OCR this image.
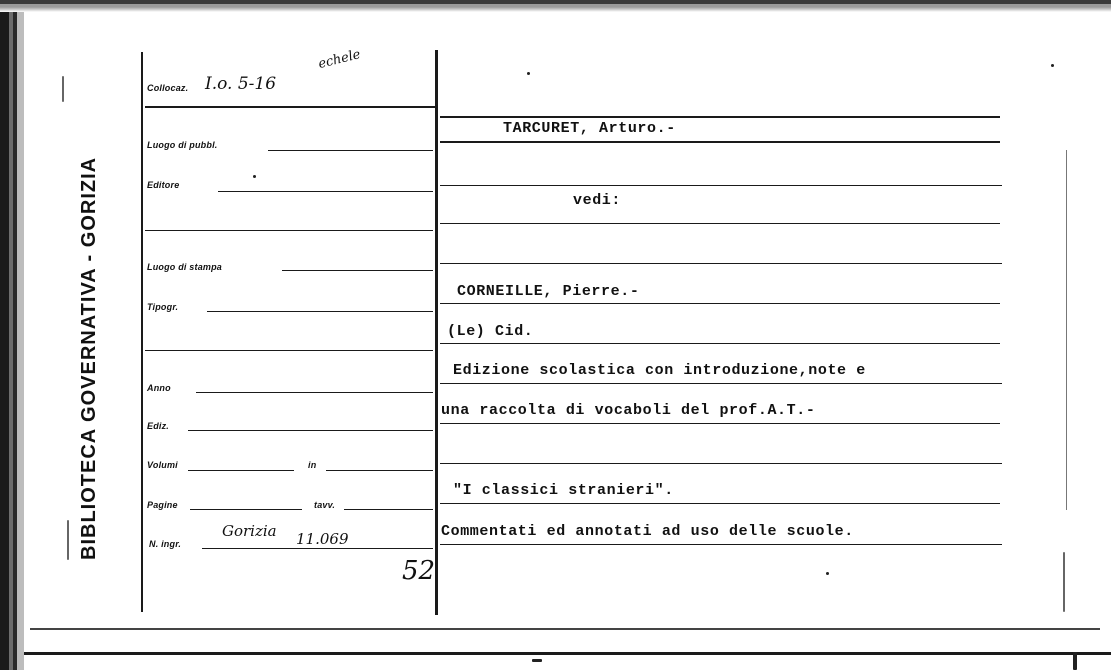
BIBLIOTECA GOVERNATIVA - GORIZIA
Collocaz. I.o. 5-16
echele
Luogo di pubbl.
Editore
Luogo di stampa
Tipogr.
Anno
Ediz.
Volumi	in
Pagine	tavv.
N. ingr.
Gorizia 11.069
52
TARCURET, Arturo.-
vedi:
CORNEILLE, Pierre.-
(Le) Cid.
Edizione scolastica con introduzione,note e
una raccolta di vocaboli del prof.A.T.-
"I classici stranieri".
Commentati ed annotati ad uso delle scuole.
